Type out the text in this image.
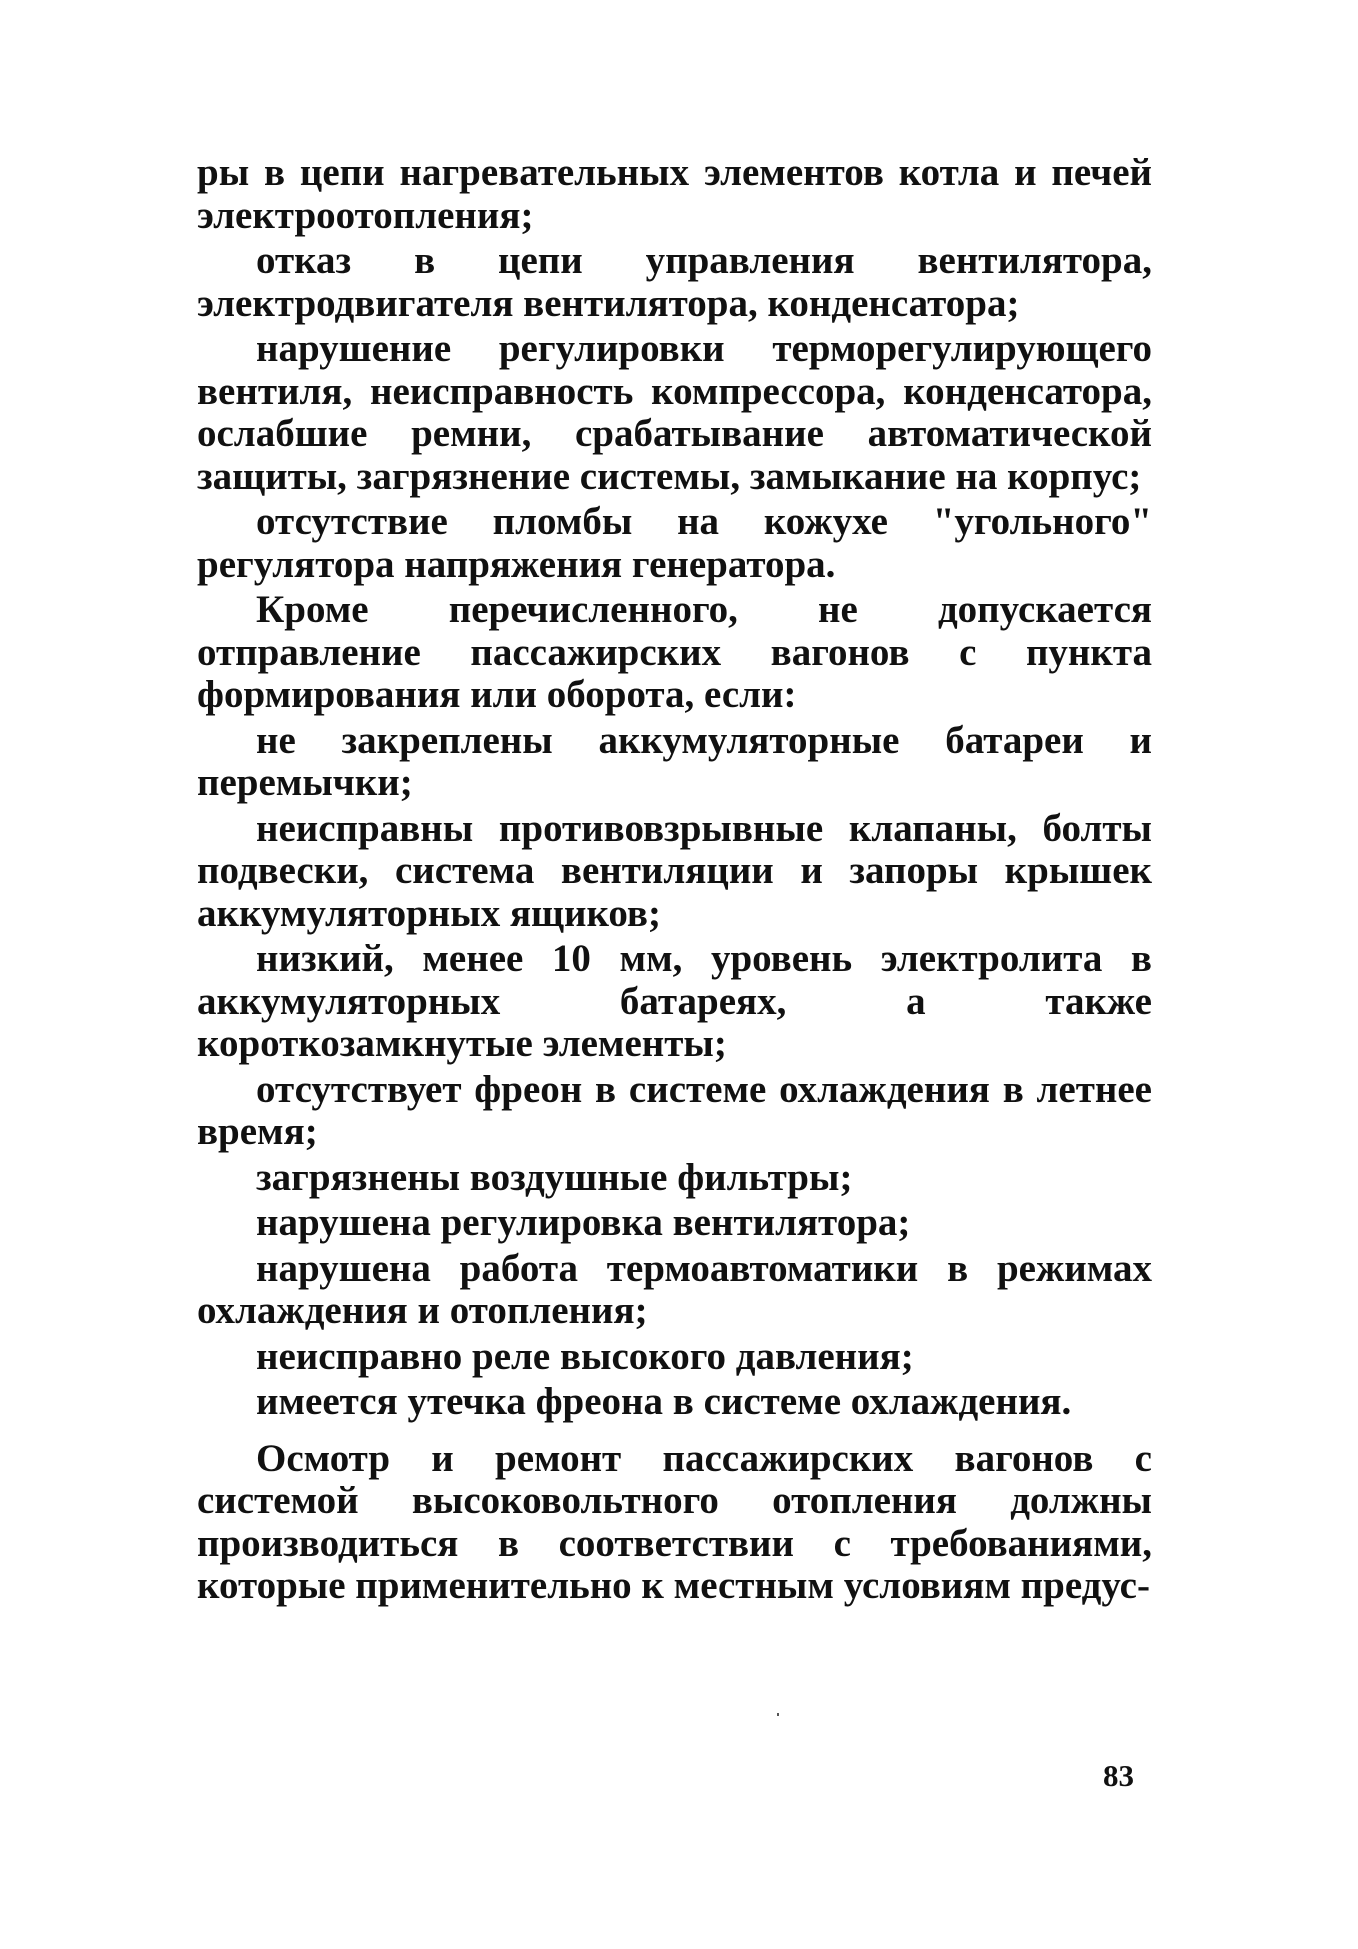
ры в цепи нагревательных элементов котла и печей электроотопления;

отказ в цепи управления вентилятора, электродвигателя вентилятора, конденсатора;

нарушение регулировки терморегулирующего вентиля, неисправность компрессора, конденсатора, ослабшие ремни, срабатывание автоматической защиты, загрязнение системы, замыкание на корпус;

отсутствие пломбы на кожухе "угольного" регулятора напряжения генератора.

Кроме перечисленного, не допускается отправление пассажирских вагонов с пункта формирования или оборота, если:

не закреплены аккумуляторные батареи и перемычки;

неисправны противовзрывные клапаны, болты подвески, система вентиляции и запоры крышек аккумуляторных ящиков;

низкий, менее 10 мм, уровень электролита в аккумуляторных батареях, а также короткозамкнутые элементы;

отсутствует фреон в системе охлаждения в летнее время;

загрязнены воздушные фильтры;

нарушена регулировка вентилятора;

нарушена работа термоавтоматики в режимах охлаждения и отопления;

неисправно реле высокого давления;

имеется утечка фреона в системе охлаждения.

Осмотр и ремонт пассажирских вагонов с системой высоковольтного отопления должны производиться в соответствии с требованиями, которые применительно к местным условиям предус-

83
